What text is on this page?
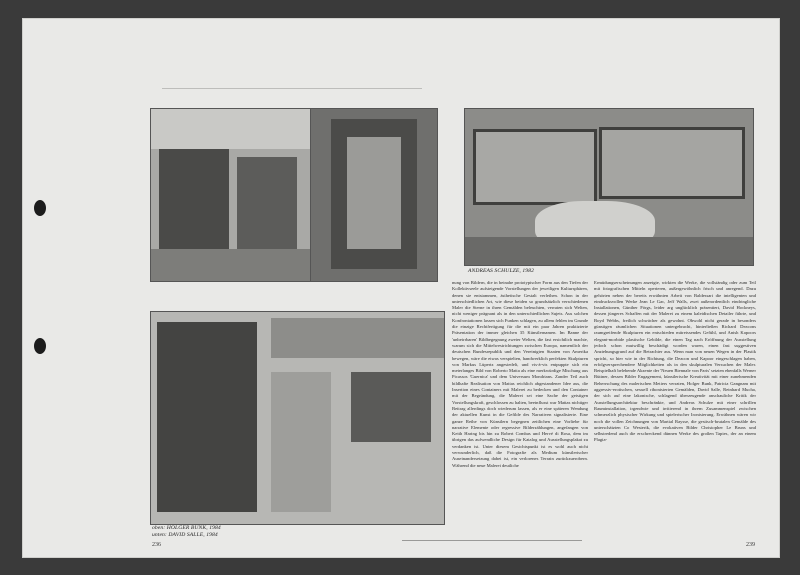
ANDREAS SCHULZE, 1982
oben: HOLGER BUNK, 1984
unten: DAVID SALLE, 1984
nung von Bildern, die in beinahe prototypischer Form aus den Tiefen der Kollektivseele aufsteigende Vorstellungen der jeweiligen Kultursphären, denen sie entstammen, ästhetische Gestalt verleihen. Schon in der unterschiedlichen Art, wie diese beiden so grundsätzlich verschiedenen Maler die Sterne in ihren Gemälden beleuchten, verraten sich Welten, nicht weniger prägnant als in den unterschiedlichen Sujets. Aus solchen Konfrontationen lassen sich Funken schlagen, zu allem fehlen im Grunde die einzige Rechtfertigung für die mit ein paar Jahren praktizierte Präsentation der immer gleichen 35 Künstlernamen. Im Banne der 'unbeirrbaren' Bildbegegnung zweier Welten, die fast ersichtlich machte, warum sich die Mittelwestrichtungen zwischen Europa, namentlich der deutschen Bundesrepublik und den Vereinigten Staaten von Amerika bewegen, wäre die etwas verspielten, handwerklich perfekten Skulpturen von Markus Lüpertz angesiedelt, und vis-à-vis entpuppte sich ein meterlanges Bild von Roberto Matta als eine merkwürdige Mischung aus Picassos 'Guernica' und dem Universum Mondrians. Zander Teil auch bildhafte Realisation von Mattas reichlich abgestandener Idee aus, die Insertion eines Containers mit Malerei zu bedecken und den Container mit der Begründung, die Malerei sei eine Sache der geistigen Vorstellungskraft, geschlossen zu halten, beeinflusst war Mattas nichtiger Beitrag allerdings doch wiederum lassen, als er eine späteren Wendung der aktuellen Kunst in die Gefilde des Narrativen signalisierte. Eine ganze Reihe von Künstlern begegnen zeitlichen eine Vorliebe für narrative Elemente oder regressive Bilderzählungen, angefangen von Keith Haring bis hin zu Robert Combas und Hervé di Rosa, dem im übrigen das aufwendliche Design für Katalog und Ausstellungsplakat zu verdanken ist. Unter diesem Gesichtspunkt ist es wohl auch nicht verwunderlich, daß die Fotografie als Medium künstlerischer Auseinandersetzung dabei ist, ein verlorenes Terrain zurückzuerobern. Während die neue Malerei deutliche
Ermüdungserscheinungen anzeigte, wirkten die Werke, die vollständig oder zum Teil mit fotografischen Mitteln operieren, außergewöhnlich frisch und anregend. Dazu gehörten neben der bereits erwähnten Arbeit von Baldessari die intelligenten und eindrucksvollen Werke Jean Le Gac, Jeff Walls, zwei außerordentlich eindringliche Installationen, Günther Förgs, leider arg unglücklich präsentiert, David Hockneys, dessen jüngeres Schaffen mit der Malerei zu einem kaleidischen Detailer führte, und Boyd Webbs, freilich schwächer als gewohnt. Obwohl nicht gerade in besonders günstigen räumlichen Situationen untergebracht, hinterließen Richard Deacons raumgreifende Skulpturen ein entschieden mitreissendes Gefühl, und Anish Kapoors elegant-morbide plastische Gebilde, die einen Tag nach Eröffnung der Ausstellung jedoch schon mutwillig beschädigt worden waren, einen fast suggestiven Anziehungsgrund auf die Betrachter aus. Wenn man von neuen Wegen in der Plastik spricht, so hier wie in der Richtung, die Deacon und Kapoor eingeschlagen haben, erfolgversprechendere Möglichkeiten als in den skulpturalen Versuchen der Maler. Beispielhaft belebende Akzente der 'Neuen Biennale von Paris' setzten ebenfalls Werner Büttner, dessen Bilder Engagement, künstlerische Kreativität mit einer zunehmenden Beherrschung des malerischen Metiers verraten, Holger Bunk, Patricia Gangnam mit aggressiv-erotischen, sexuell ribonisierten Gemälden, David Salle, Reinhard Mucha, der sich auf eine lakonische, schlagend überzeugende anschauliche Kritik der Ausstellungsarchitektur beschränkte, und Andreas Schulze mit einer schrillen Rauminstallation, irgendwie und irritierend in ihrem Zusammenspiel zwischen schmerzlich physischer Wirkung und spielerischer Ironisierung. Erwähnen wären wir noch die vollen Zeichnungen von Martial Raysse, die gestisch-brutalen Gemälde des unterschätzten Co Westerik, die evokativen Bilder Christopher Le Bruns und selbstredend auch die erschreckend dünnen Werke des großen Tapies, der an einem Plagia-
236	239
